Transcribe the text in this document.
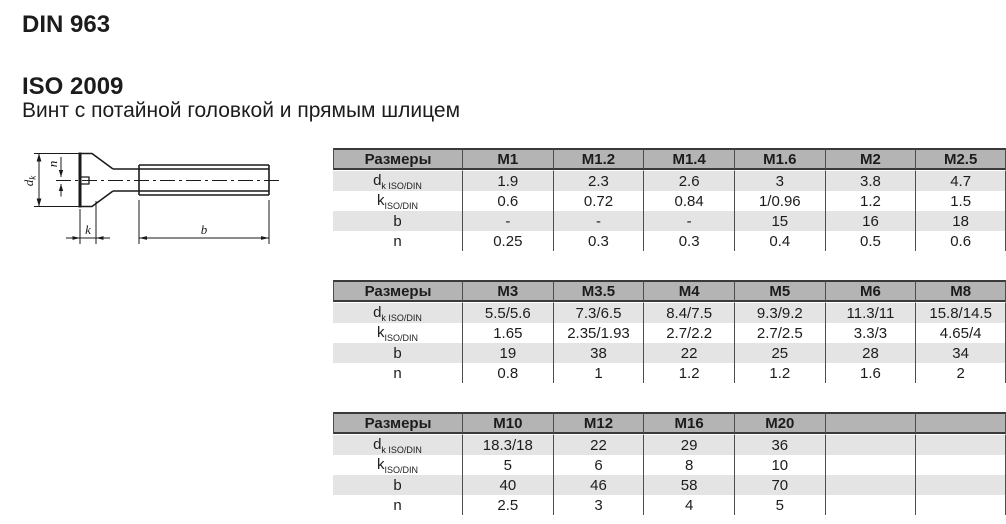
DIN 963

ISO 2009
Винт с потайной головкой и прямым шлицем
dk
n
k	b
Размеры	M1	M1.2	M1.4	M1.6	M2	M2.5
$d_{k ISO/DIN}$	1.9	2.3	2.6	3	3.8	4.7
$k_{ISO/DIN}$	0.6	0.72	0.84	1/0.96	1.2	1.5
b	-	-	-	15	16	18
n	0.25	0.3	0.3	0.4	0.5	0.6
Размеры	M3	M3.5	M4	M5	M6	M8
$d_{k ISO/DIN}$	5.5/5.6	7.3/6.5	8.4/7.5	9.3/9.2	11.3/11	15.8/14.5
$k_{ISO/DIN}$	1.65	2.35/1.93	2.7/2.2	2.7/2.5	3.3/3	4.65/4
b	19	38	22	25	28	34
n	0.8	1	1.2	1.2	1.6	2
Размеры	M10	M12	M16	M20		
$d_{k ISO/DIN}$	18.3/18	22	29	36		
$k_{ISO/DIN}$	5	6	8	10		
b	40	46	58	70		
n	2.5	3	4	5		
